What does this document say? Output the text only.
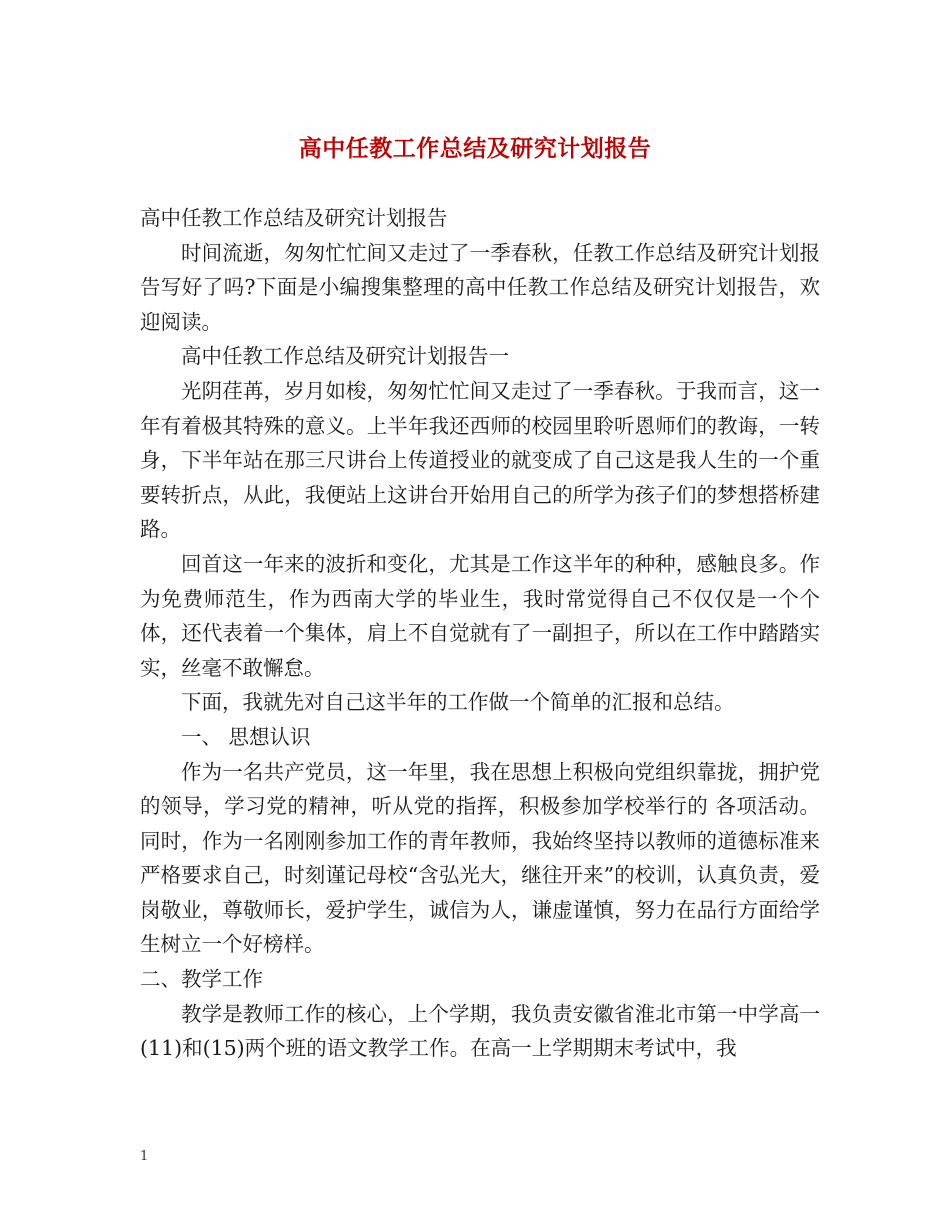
高中任教工作总结及研究计划报告

高中任教工作总结及研究计划报告

时间流逝，匆匆忙忙间又走过了一季春秋，任教工作总结及研究计划报告写好了吗?下面是小编搜集整理的高中任教工作总结及研究计划报告，欢迎阅读。

高中任教工作总结及研究计划报告一

光阴荏苒，岁月如梭，匆匆忙忙间又走过了一季春秋。于我而言，这一年有着极其特殊的意义。上半年我还西师的校园里聆听恩师们的教诲，一转身，下半年站在那三尺讲台上传道授业的就变成了自己这是我人生的一个重要转折点，从此，我便站上这讲台开始用自己的所学为孩子们的梦想搭桥建路。

回首这一年来的波折和变化，尤其是工作这半年的种种，感触良多。作为免费师范生，作为西南大学的毕业生，我时常觉得自己不仅仅是一个个体，还代表着一个集体，肩上不自觉就有了一副担子，所以在工作中踏踏实实，丝毫不敢懈怠。

下面，我就先对自己这半年的工作做一个简单的汇报和总结。

一、 思想认识

作为一名共产党员，这一年里，我在思想上积极向党组织靠拢，拥护党的领导，学习党的精神，听从党的指挥，积极参加学校举行的 各项活动。同时，作为一名刚刚参加工作的青年教师，我始终坚持以教师的道德标准来严格要求自己，时刻谨记母校“含弘光大，继往开来”的校训，认真负责，爱岗敬业，尊敬师长，爱护学生，诚信为人，谦虚谨慎，努力在品行方面给学生树立一个好榜样。

二、教学工作

教学是教师工作的核心，上个学期，我负责安徽省淮北市第一中学高一(11)和(15)两个班的语文教学工作。在高一上学期期末考试中，我

1
